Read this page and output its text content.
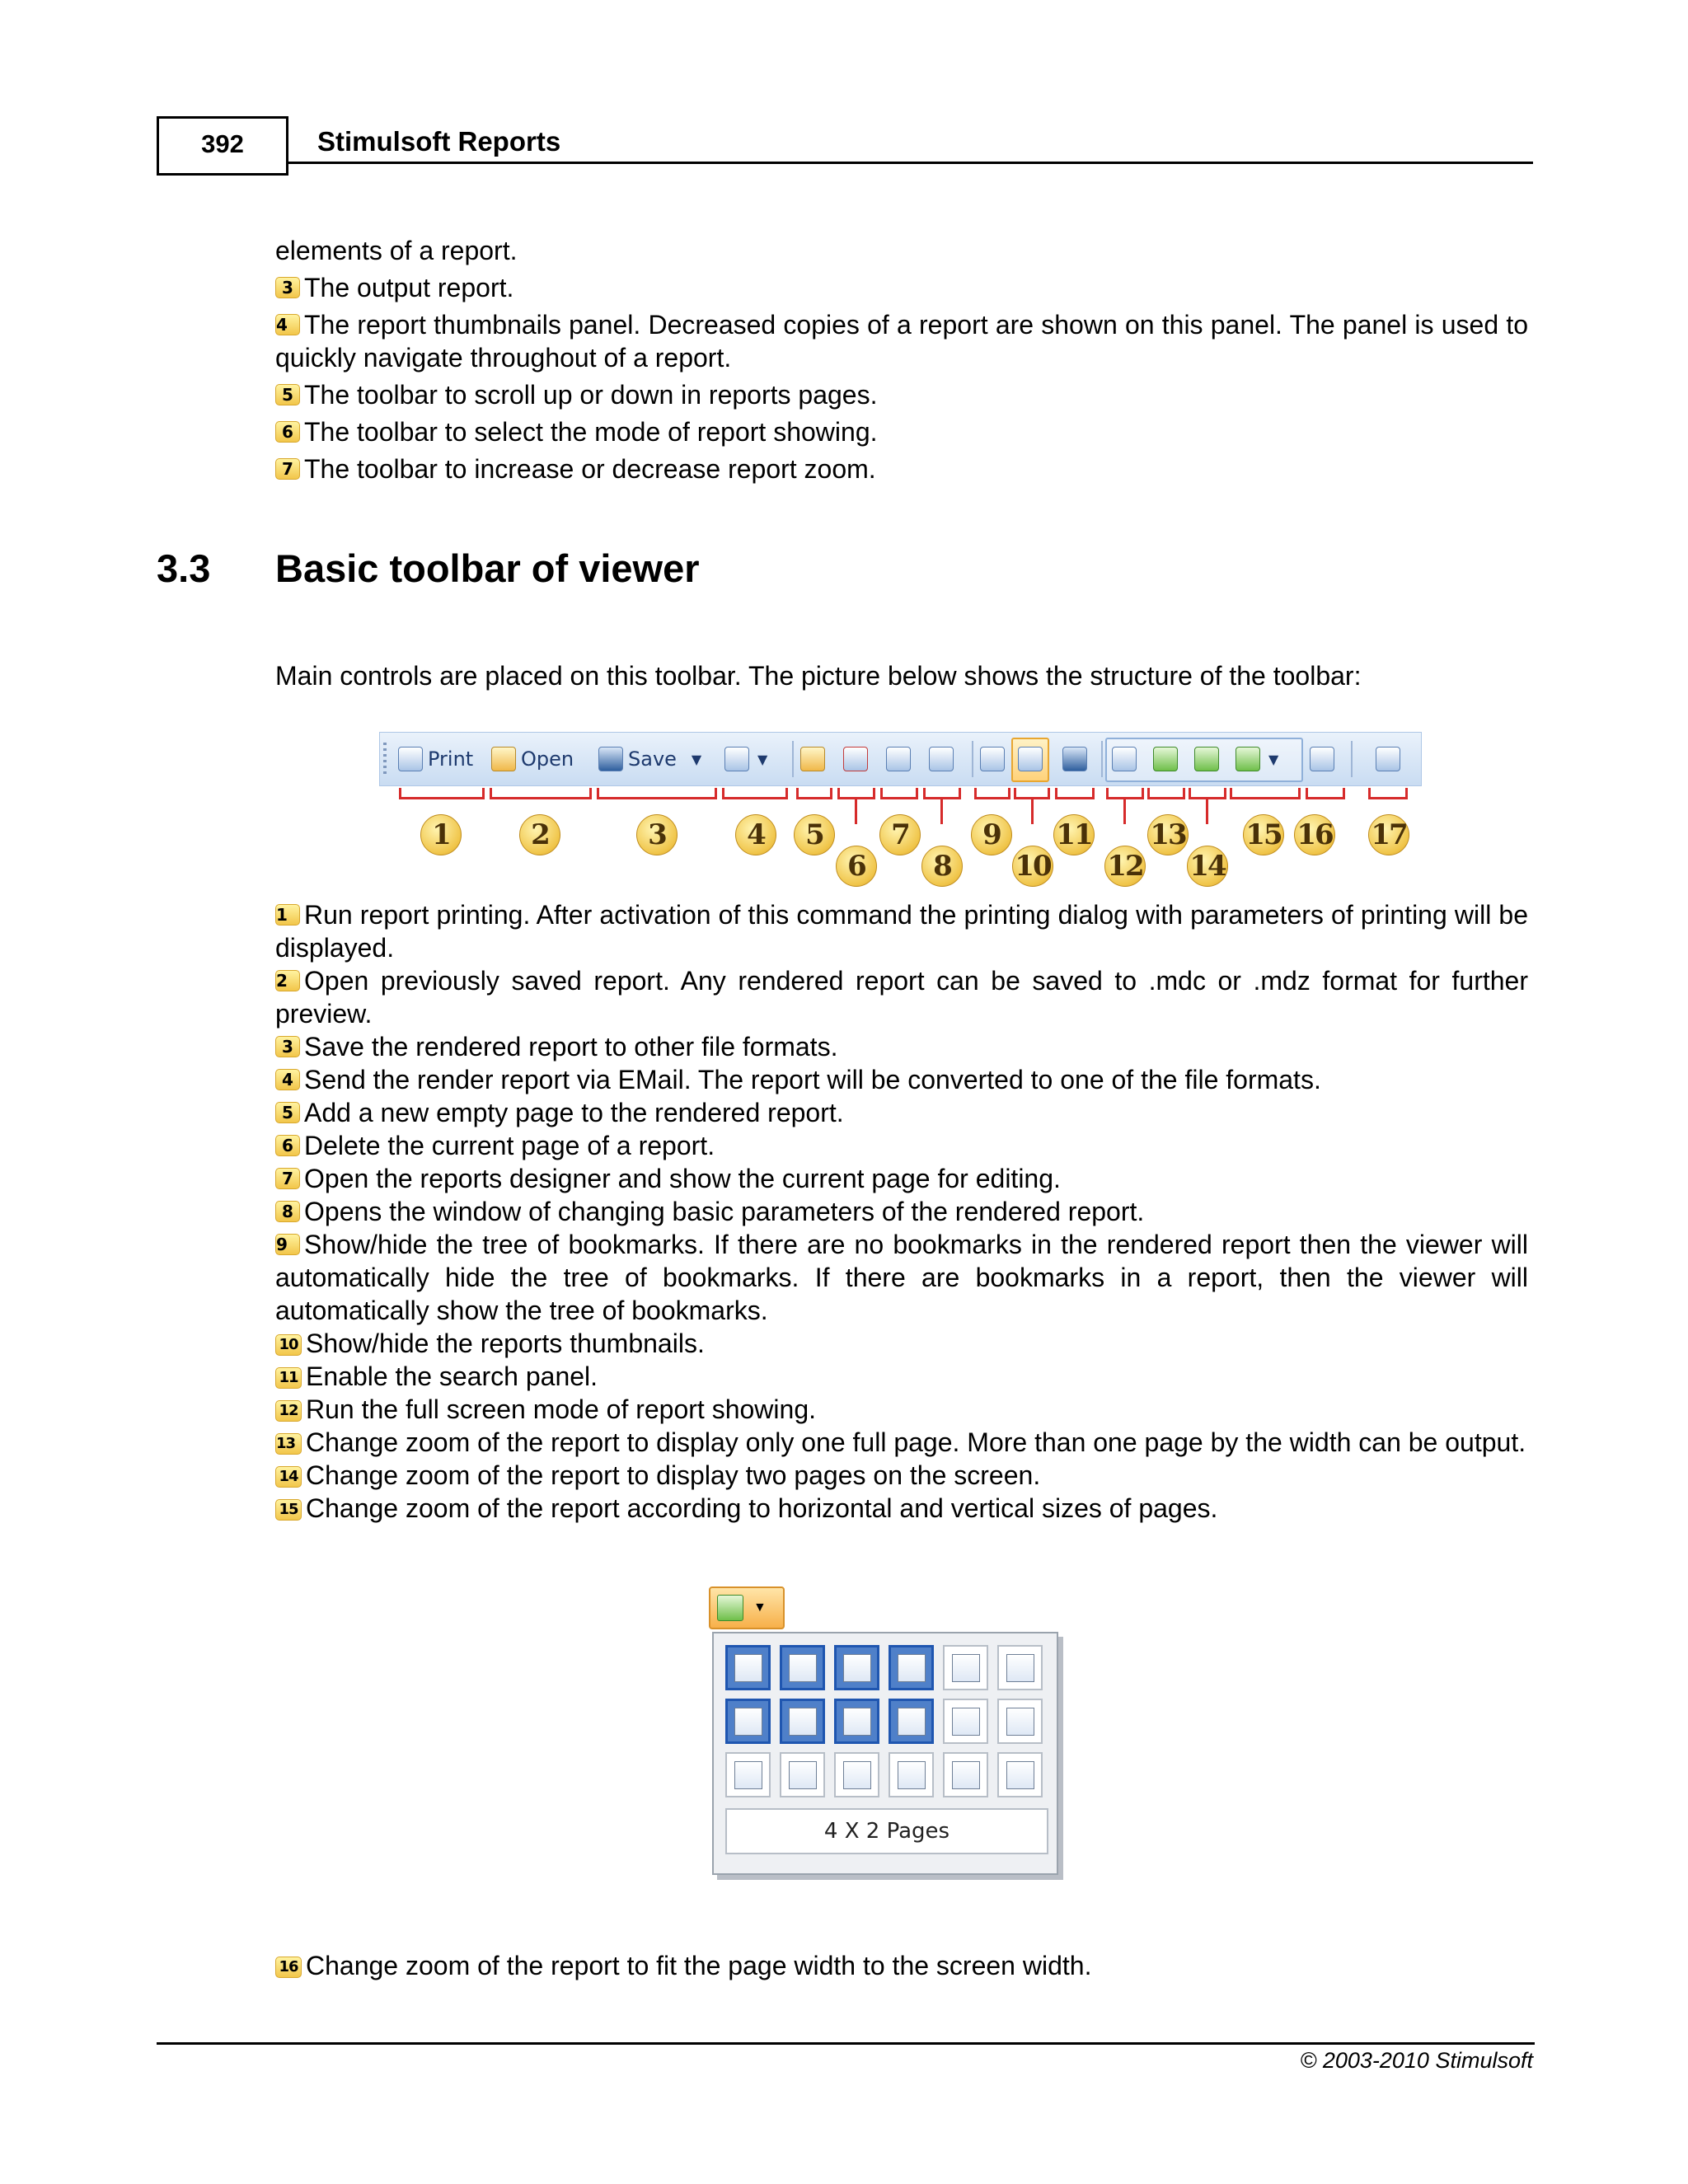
392	Stimulsoft Reports
elements of a report.
3 The output report.
4 The report thumbnails panel. Decreased copies of a report are shown on this panel. The panel is used to quickly navigate throughout of a report.
5 The toolbar to scroll up or down in reports pages.
6 The toolbar to select the mode of report showing.
7 The toolbar to increase or decrease report zoom.
3.3 Basic toolbar of viewer
Main controls are placed on this toolbar. The picture below shows the structure of the toolbar:
Print Open	Save ▼	▼	▼
1	2	3	4	5	7	9	11 13 15 16 17
6	8	10 12 14
1 Run report printing. After activation of this command the printing dialog with parameters of printing will be displayed.
2 Open previously saved report. Any rendered report can be saved to .mdc or .mdz format for further preview.
3 Save the rendered report to other file formats.
4 Send the render report via EMail. The report will be converted to one of the file formats.
5 Add a new empty page to the rendered report.
6 Delete the current page of a report.
7 Open the reports designer and show the current page for editing.
8 Opens the window of changing basic parameters of the rendered report.
9 Show/hide the tree of bookmarks. If there are no bookmarks in the rendered report then the viewer will automatically hide the tree of bookmarks. If there are bookmarks in a report, then the viewer will automatically show the tree of bookmarks.
10 Show/hide the reports thumbnails.
11 Enable the search panel.
12 Run the full screen mode of report showing.
13 Change zoom of the report to display only one full page. More than one page by the width can be output.
14 Change zoom of the report to display two pages on the screen.
15 Change zoom of the report according to horizontal and vertical sizes of pages.
▼
4 X 2 Pages
16 Change zoom of the report to fit the page width to the screen width.
© 2003-2010 Stimulsoft
